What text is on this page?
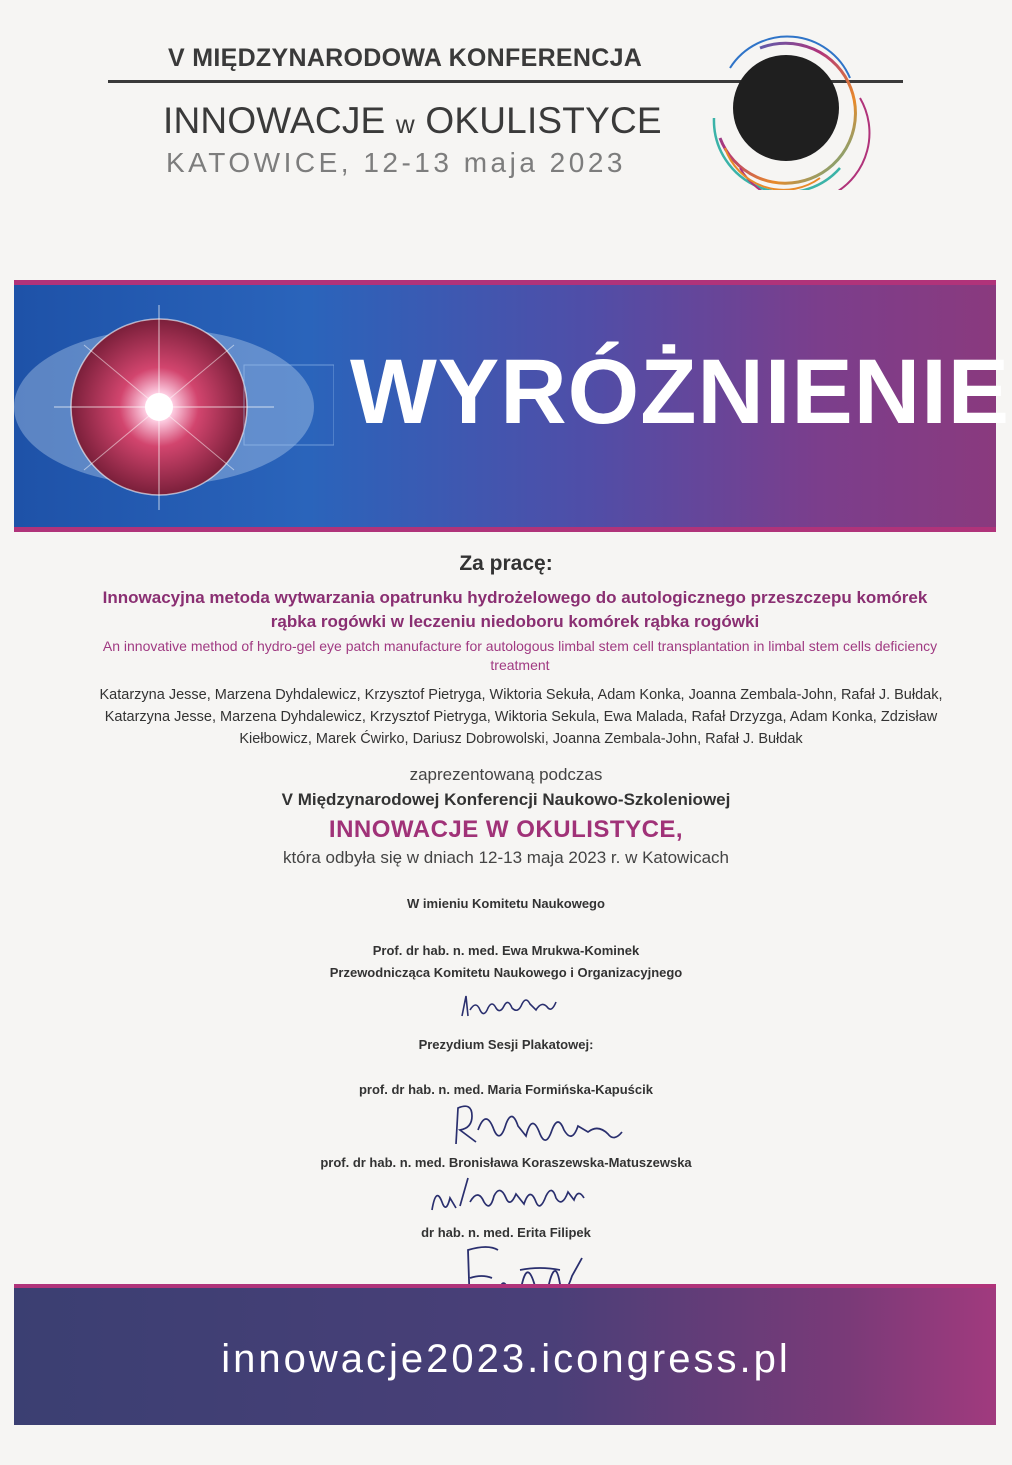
V MIĘDZYNARODOWA KONFERENCJA
INNOWACJE w OKULISTYCE
KATOWICE, 12-13 maja 2023
WYRÓŻNIENIE
Za pracę:
Innowacyjna metoda wytwarzania opatrunku hydrożelowego do autologicznego przeszczepu komórek rąbka rogówki w leczeniu niedoboru komórek rąbka rogówki
An innovative method of hydro-gel eye patch manufacture for autologous limbal stem cell transplantation in limbal stem cells deficiency treatment
Katarzyna Jesse, Marzena Dyhdalewicz, Krzysztof Pietryga, Wiktoria Sekuła, Adam Konka, Joanna Zembala-John, Rafał J. Bułdak, Katarzyna Jesse, Marzena Dyhdalewicz, Krzysztof Pietryga, Wiktoria Sekula, Ewa Malada, Rafał Drzyzga, Adam Konka, Zdzisław Kiełbowicz, Marek Ćwirko, Dariusz Dobrowolski, Joanna Zembala-John, Rafał J. Bułdak
zaprezentowaną podczas
V Międzynarodowej Konferencji Naukowo-Szkoleniowej
INNOWACJE W OKULISTYCE,
która odbyła się w dniach 12-13 maja 2023 r. w Katowicach
W imieniu Komitetu Naukowego
Prof. dr hab. n. med. Ewa Mrukwa-Kominek
Przewodnicząca Komitetu Naukowego i Organizacyjnego
Prezydium Sesji Plakatowej:
prof. dr hab. n. med. Maria Formińska-Kapuścik
prof. dr hab. n. med. Bronisława Koraszewska-Matuszewska
dr hab. n. med. Erita Filipek
innowacje2023.icongress.pl
